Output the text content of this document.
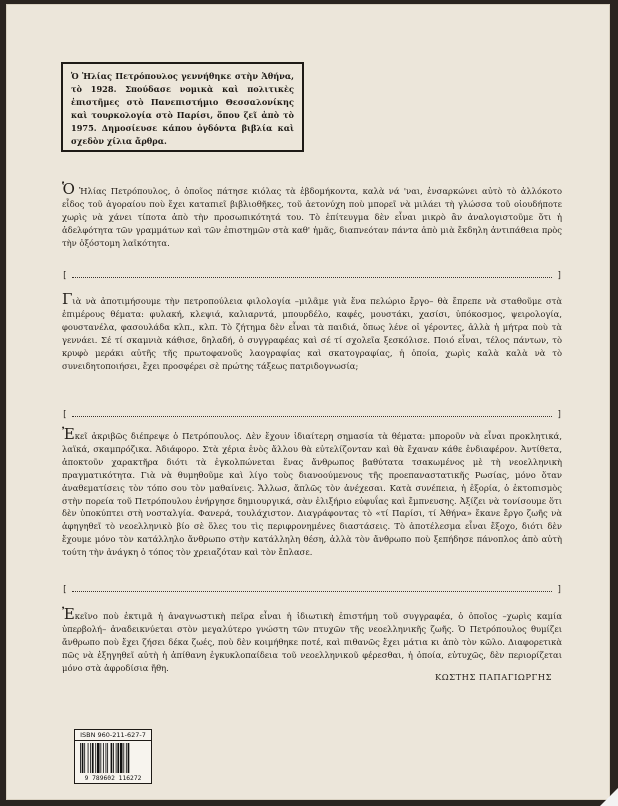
Ὁ Ἠλίας Πετρόπουλος γεννήθηκε στὴν Ἀθήνα, τὸ 1928. Σπούδασε νομικὰ καὶ πολιτικὲς ἐπιστῆμες στὸ Πανεπιστήμιο Θεσσαλονίκης καὶ τουρκολογία στὸ Παρίσι, ὅπου ζεῖ ἀπὸ τὸ 1975. Δημοσίευσε κάπου ὀγδόντα βιβλία καὶ σχεδὸν χίλια ἄρθρα.

Ὁ Ἠλίας Πετρόπουλος, ὁ ὁποῖος πάτησε κιόλας τὰ ἑβδομήκοντα, καλὰ νά 'ναι, ἐνσαρκώνει αὐτὸ τὸ ἀλλόκοτο εἶδος τοῦ ἀγοραίου ποὺ ἔχει καταπιεῖ βιβλιοθῆκες, τοῦ ἀετονύχη ποὺ μπορεῖ νὰ μιλάει τὴ γλώσσα τοῦ οἱουδήποτε χωρὶς νὰ χάνει τίποτα ἀπὸ τὴν προσωπικότητά του. Τὸ ἐπίτευγμα δὲν εἶναι μικρὸ ἂν ἀναλογιστοῦμε ὅτι ἡ ἀδελφότητα τῶν γραμμάτων καὶ τῶν ἐπιστημῶν στὰ καθ' ἡμᾶς, διαπνεόταν πάντα ἀπὸ μιὰ ἔκδηλη ἀντιπάθεια πρὸς τὴν ὀξόστομη λαϊκότητα.

[	]

Γιὰ νὰ ἀποτιμήσουμε τὴν πετροπούλεια φιλολογία –μιλᾶμε γιὰ ἕνα πελώριο ἔργο– θὰ ἔπρεπε νὰ σταθοῦμε στὰ ἐπιμέρους θέματα: φυλακή, κλεψιά, καλιαρντά, μπουρδέλο, καφές, μουστάκι, χασίσι, ὑπόκοσμος, ψειρολογία, φουστανέλα, φασουλάδα κλπ., κλπ. Τὸ ζήτημα δὲν εἶναι τὰ παιδιά, ὅπως λένε οἱ γέροντες, ἀλλὰ ἡ μήτρα ποὺ τὰ γεννάει. Σέ τί σκαμνιὰ κάθισε, δηλαδή, ὁ συγγραφέας καὶ σέ τί σχολεῖα ξεσκόλισε. Ποιό εἶναι, τέλος πάντων, τὸ κρυφὸ μεράκι αὐτῆς τῆς πρωτοφανοῦς λαογραφίας καὶ σκατογραφίας, ἡ ὁποία, χωρὶς καλὰ καλὰ νὰ τὸ συνειδητοποιήσει, ἔχει προσφέρει σὲ πρώτης τάξεως πατριδογνωσία;

[	]

Ἐκεῖ ἀκριβῶς διέπρεψε ὁ Πετρόπουλος. Δὲν ἔχουν ἰδιαίτερη σημασία τὰ θέματα: μποροῦν νὰ εἶναι προκλητικά, λαϊκά, σκαμπρόζικα. Ἀδιάφορο. Στὰ χέρια ἑνὸς ἄλλου θὰ εὐτελίζονταν καὶ θὰ ἔχαναν κάθε ἐνδιαφέρον. Ἀντίθετα, ἀποκτοῦν χαρακτῆρα διότι τὰ ἐγκολπώνεται ἕνας ἄνθρωπος βαθύτατα τσακωμένος μὲ τὴ νεοελληνικὴ πραγματικότητα. Γιὰ νὰ θυμηθοῦμε καὶ λίγο τοὺς διανοούμενους τῆς προεπαναστατικῆς Ρωσίας, μόνο ὅταν ἀναθεματίσεις τὸν τόπο σου τὸν μαθαίνεις. Ἄλλωσ, ἄπλῶς τὸν ἀνέχεσαι. Κατὰ συνέπεια, ἡ ἐξορία, ὁ ἐκτοπισμὸς στὴν πορεία τοῦ Πετρόπουλου ἐνήργησε δημιουργικά, σὰν ἐλιξήριο εὐφυΐας καὶ ἔμπνευσης. Ἀξίζει νὰ τονίσουμε ὅτι δὲν ὑποκύπτει στὴ νοσταλγία. Φανερά, τουλάχιστον. Διαγράφοντας τὸ «τί Παρίσι, τί Ἀθήνα» ἔκανε ἔργο ζωῆς νὰ ἀφηγηθεῖ τὸ νεοελληνικὸ βίο σὲ ὅλες του τὶς περιφρονημένες διαστάσεις. Τὸ ἀποτέλεσμα εἶναι ἔξοχο, διότι δὲν ἔχουμε μόνο τὸν κατάλληλο ἄνθρωπο στὴν κατάλληλη θέση, ἀλλὰ τὸν ἄνθρωπο ποὺ ξεπήδησε πάνοπλος ἀπὸ αὐτὴ τούτη τὴν ἀνάγκη ὁ τόπος τὸν χρειαζόταν καὶ τὸν ἔπλασε.

[	]

Ἐκεῖνο ποὺ ἐκτιμᾶ ἡ ἀναγνωστικὴ πεῖρα εἶναι ἡ ἰδιωτικὴ ἐπιστήμη τοῦ συγγραφέα, ὁ ὁποῖος –χωρὶς καμία ὑπερβολή– ἀναδεικνύεται στὸν μεγαλύτερο γνώστη τῶν πτυχῶν τῆς νεοελληνικῆς ζωῆς. Ὁ Πετρόπουλος θυμίζει ἄνθρωπο ποὺ ἔχει ζήσει δέκα ζωές, ποὺ δὲν κοιμήθηκε ποτέ, καὶ πιθανῶς ἔχει μάτια κι ἀπὸ τὸν κῶλο. Διαφορετικὰ πῶς νὰ ἐξηγηθεῖ αὐτὴ ἡ ἀπίθανη ἐγκυκλοπαίδεια τοῦ νεοελληνικοῦ φέρεσθαι, ἡ ὁποία, εὐτυχῶς, δὲν περιορίζεται μόνο στὰ ἀφροδίσια ἤθη.

ΚΩΣΤΗΣ ΠΑΠΑΓΙΩΡΓΗΣ
ISBN 960-211-627-7
9 789602 116272
